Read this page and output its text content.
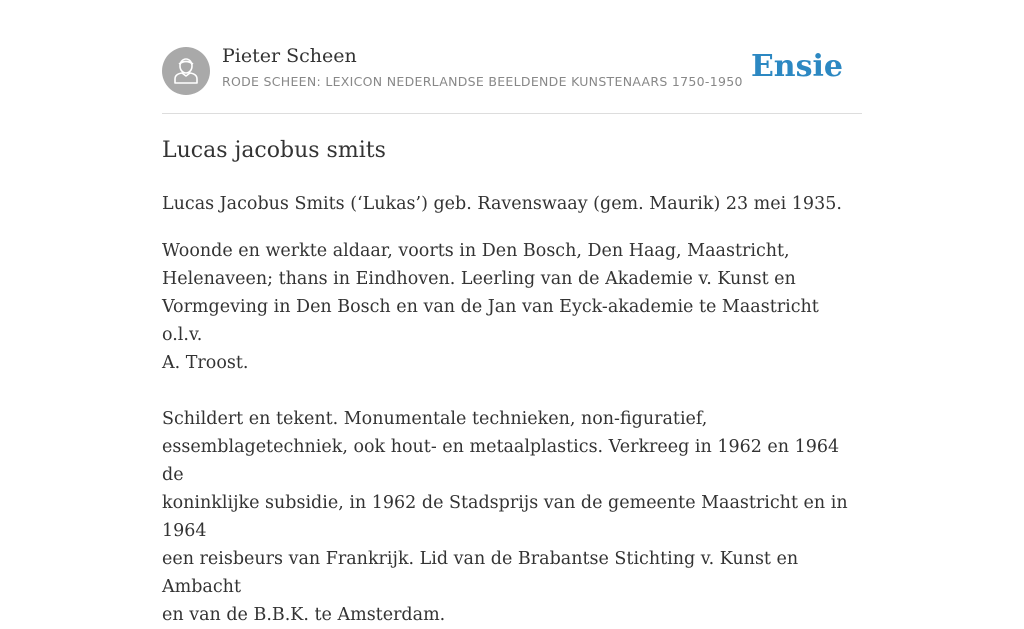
Pieter Scheen
RODE SCHEEN: LEXICON NEDERLANDSE BEELDENDE KUNSTENAARS 1750-1950 Ensie
Lucas jacobus smits

Lucas Jacobus Smits (‘Lukas’) geb. Ravenswaay (gem. Maurik) 23 mei 1935.

Woonde en werkte aldaar, voorts in Den Bosch, Den Haag, Maastricht,
Helenaveen; thans in Eindhoven. Leerling van de Akademie v. Kunst en
Vormgeving in Den Bosch en van de Jan van Eyck-akademie te Maastricht o.l.v.
A. Troost.

Schildert en tekent. Monumentale technieken, non-figuratief,
essemblagetechniek, ook hout- en metaalplastics. Verkreeg in 1962 en 1964 de
koninklijke subsidie, in 1962 de Stadsprijs van de gemeente Maastricht en in 1964
een reisbeurs van Frankrijk. Lid van de Brabantse Stichting v. Kunst en Ambacht
en van de B.B.K. te Amsterdam.
